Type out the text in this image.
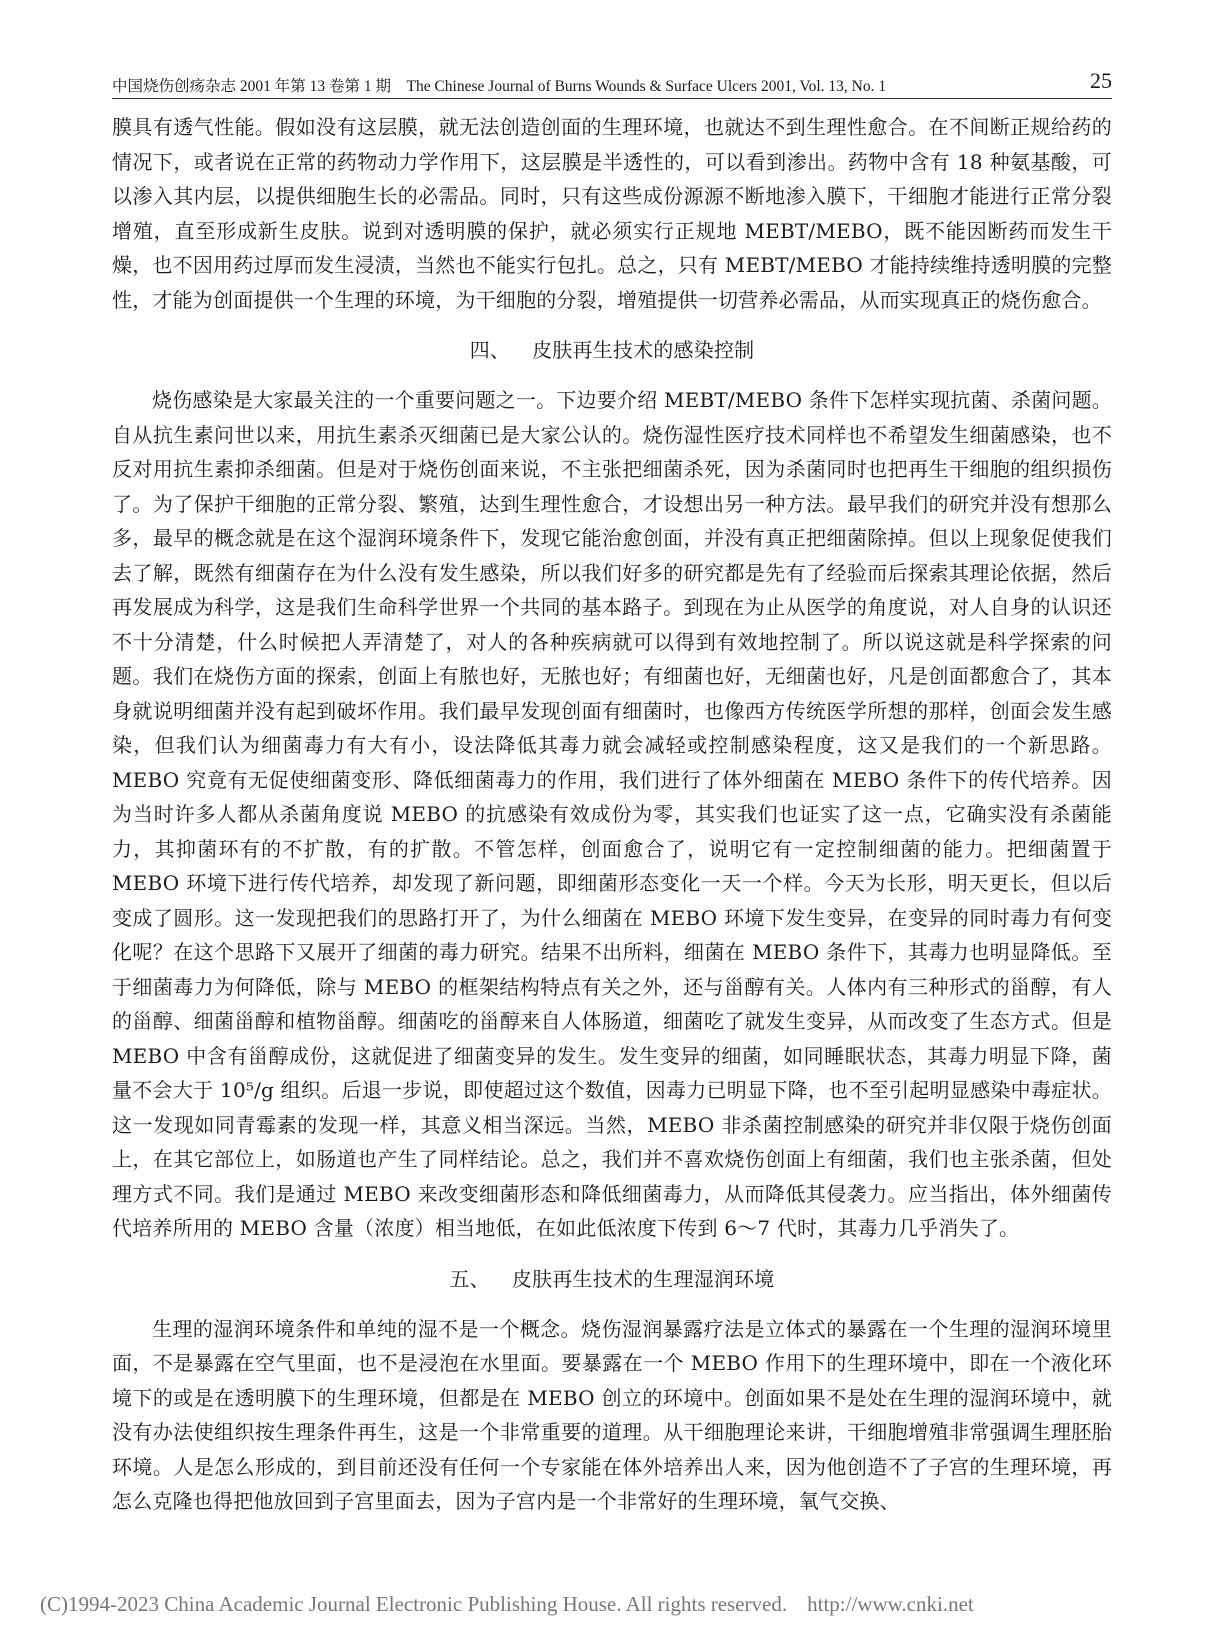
中国烧伤创疡杂志 2001 年第 13 卷第 1 期　The Chinese Journal of Burns Wounds & Surface Ulcers 2001, Vol. 13, No. 1	25

膜具有透气性能。假如没有这层膜，就无法创造创面的生理环境，也就达不到生理性愈合。在不间断正规给药的情况下，或者说在正常的药物动力学作用下，这层膜是半透性的，可以看到渗出。药物中含有 18 种氨基酸，可以渗入其内层，以提供细胞生长的必需品。同时，只有这些成份源源不断地渗入膜下，干细胞才能进行正常分裂增殖，直至形成新生皮肤。说到对透明膜的保护，就必须实行正规地 MEBT/MEBO，既不能因断药而发生干燥，也不因用药过厚而发生浸渍，当然也不能实行包扎。总之，只有 MEBT/MEBO 才能持续维持透明膜的完整性，才能为创面提供一个生理的环境，为干细胞的分裂，增殖提供一切营养必需品，从而实现真正的烧伤愈合。

四、 皮肤再生技术的感染控制

烧伤感染是大家最关注的一个重要问题之一。下边要介绍 MEBT/MEBO 条件下怎样实现抗菌、杀菌问题。自从抗生素问世以来，用抗生素杀灭细菌已是大家公认的。烧伤湿性医疗技术同样也不希望发生细菌感染，也不反对用抗生素抑杀细菌。但是对于烧伤创面来说，不主张把细菌杀死，因为杀菌同时也把再生干细胞的组织损伤了。为了保护干细胞的正常分裂、繁殖，达到生理性愈合，才设想出另一种方法。最早我们的研究并没有想那么多，最早的概念就是在这个湿润环境条件下，发现它能治愈创面，并没有真正把细菌除掉。但以上现象促使我们去了解，既然有细菌存在为什么没有发生感染，所以我们好多的研究都是先有了经验而后探索其理论依据，然后再发展成为科学，这是我们生命科学世界一个共同的基本路子。到现在为止从医学的角度说，对人自身的认识还不十分清楚，什么时候把人弄清楚了，对人的各种疾病就可以得到有效地控制了。所以说这就是科学探索的问题。我们在烧伤方面的探索，创面上有脓也好，无脓也好；有细菌也好，无细菌也好，凡是创面都愈合了，其本身就说明细菌并没有起到破坏作用。我们最早发现创面有细菌时，也像西方传统医学所想的那样，创面会发生感染，但我们认为细菌毒力有大有小，设法降低其毒力就会减轻或控制感染程度，这又是我们的一个新思路。MEBO 究竟有无促使细菌变形、降低细菌毒力的作用，我们进行了体外细菌在 MEBO 条件下的传代培养。因为当时许多人都从杀菌角度说 MEBO 的抗感染有效成份为零，其实我们也证实了这一点，它确实没有杀菌能力，其抑菌环有的不扩散，有的扩散。不管怎样，创面愈合了，说明它有一定控制细菌的能力。把细菌置于 MEBO 环境下进行传代培养，却发现了新问题，即细菌形态变化一天一个样。今天为长形，明天更长，但以后变成了圆形。这一发现把我们的思路打开了，为什么细菌在 MEBO 环境下发生变异，在变异的同时毒力有何变化呢？在这个思路下又展开了细菌的毒力研究。结果不出所料，细菌在 MEBO 条件下，其毒力也明显降低。至于细菌毒力为何降低，除与 MEBO 的框架结构特点有关之外，还与甾醇有关。人体内有三种形式的甾醇，有人的甾醇、细菌甾醇和植物甾醇。细菌吃的甾醇来自人体肠道，细菌吃了就发生变异，从而改变了生态方式。但是 MEBO 中含有甾醇成份，这就促进了细菌变异的发生。发生变异的细菌，如同睡眠状态，其毒力明显下降，菌量不会大于 10⁵/g 组织。后退一步说，即使超过这个数值，因毒力已明显下降，也不至引起明显感染中毒症状。这一发现如同青霉素的发现一样，其意义相当深远。当然，MEBO 非杀菌控制感染的研究并非仅限于烧伤创面上，在其它部位上，如肠道也产生了同样结论。总之，我们并不喜欢烧伤创面上有细菌，我们也主张杀菌，但处理方式不同。我们是通过 MEBO 来改变细菌形态和降低细菌毒力，从而降低其侵袭力。应当指出，体外细菌传代培养所用的 MEBO 含量（浓度）相当地低，在如此低浓度下传到 6～7 代时，其毒力几乎消失了。

五、 皮肤再生技术的生理湿润环境

生理的湿润环境条件和单纯的湿不是一个概念。烧伤湿润暴露疗法是立体式的暴露在一个生理的湿润环境里面，不是暴露在空气里面，也不是浸泡在水里面。要暴露在一个 MEBO 作用下的生理环境中，即在一个液化环境下的或是在透明膜下的生理环境，但都是在 MEBO 创立的环境中。创面如果不是处在生理的湿润环境中，就没有办法使组织按生理条件再生，这是一个非常重要的道理。从干细胞理论来讲，干细胞增殖非常强调生理胚胎环境。人是怎么形成的，到目前还没有任何一个专家能在体外培养出人来，因为他创造不了子宫的生理环境，再怎么克隆也得把他放回到子宫里面去，因为子宫内是一个非常好的生理环境，氧气交换、

(C)1994-2023 China Academic Journal Electronic Publishing House. All rights reserved. http://www.cnki.net
